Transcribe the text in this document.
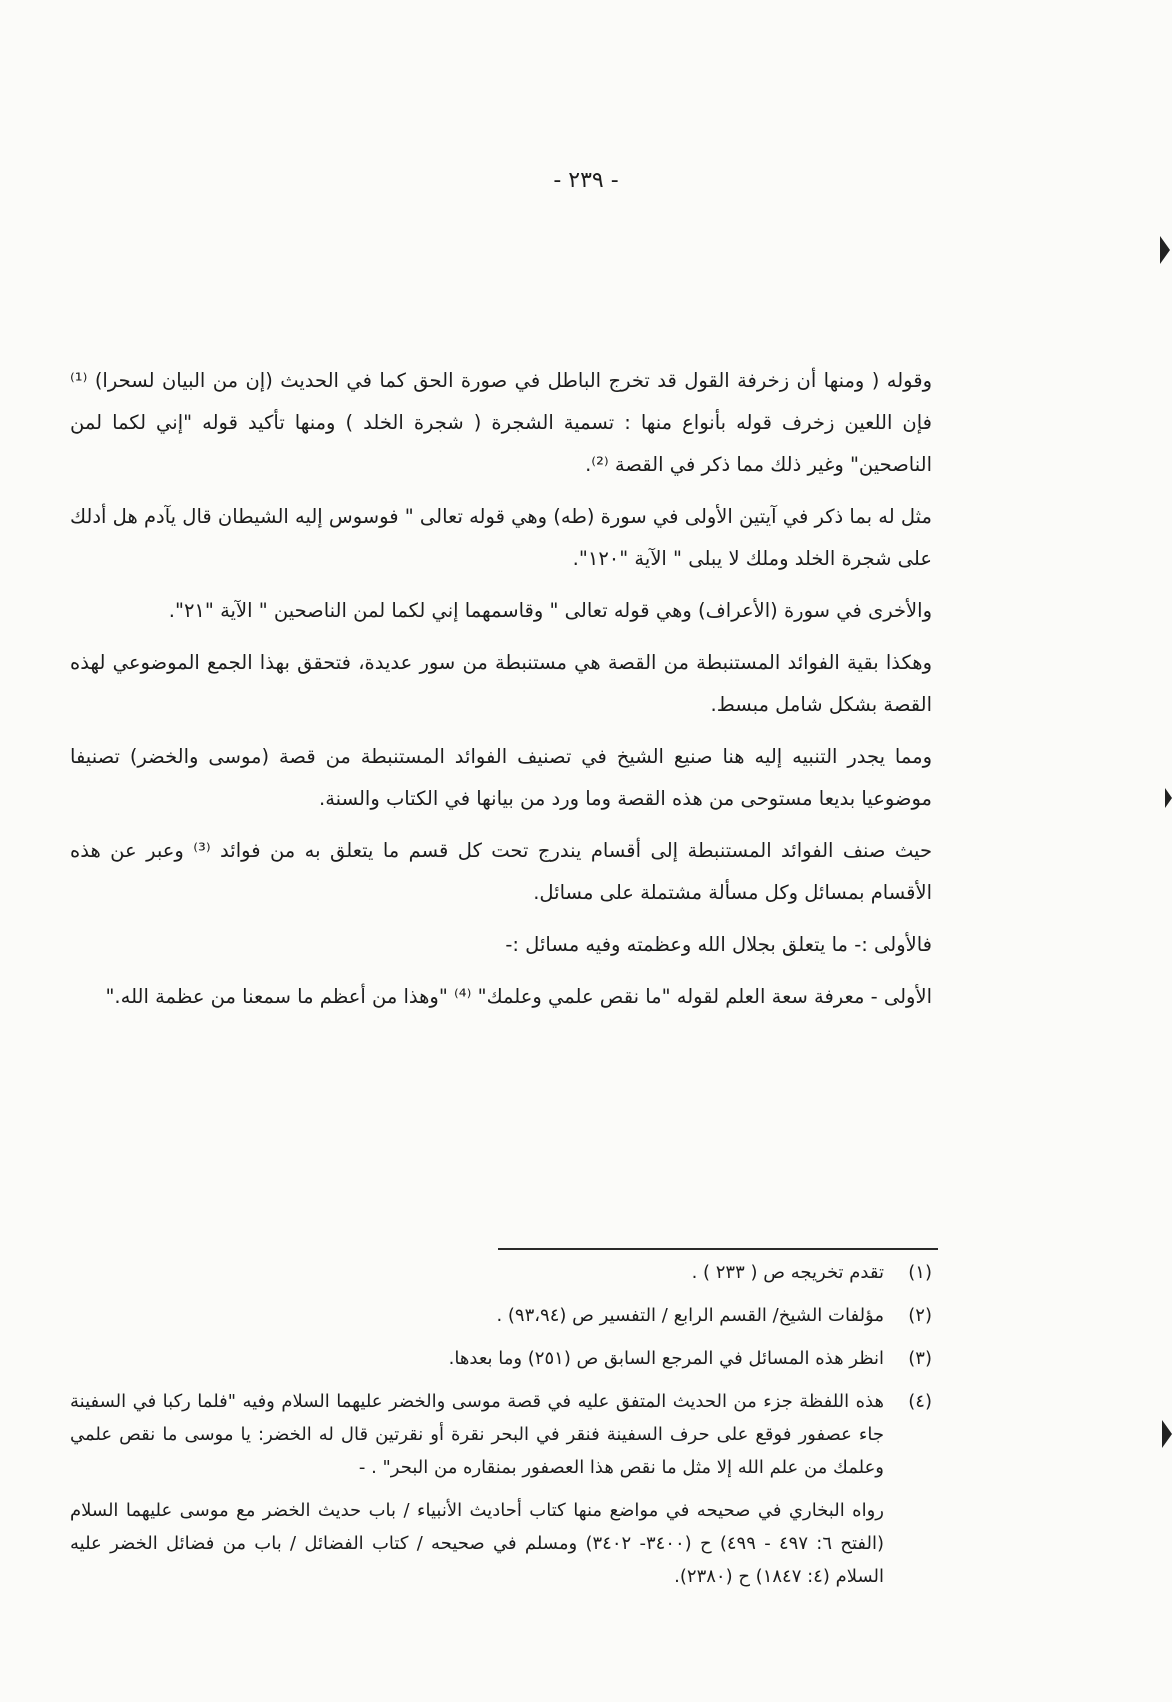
- ٢٣٩ -

وقوله ( ومنها أن زخرفة القول قد تخرج الباطل في صورة الحق كما في الحديث (إن من البيان لسحرا) ⁽¹⁾ فإن اللعين زخرف قوله بأنواع منها : تسمية الشجرة ( شجرة الخلد ) ومنها تأكيد قوله "إني لكما لمن الناصحين" وغير ذلك مما ذكر في القصة ⁽²⁾.

مثل له بما ذكر في آيتين الأولى في سورة (طه) وهي قوله تعالى " فوسوس إليه الشيطان قال يآدم هل أدلك على شجرة الخلد وملك لا يبلى " الآية "١٢٠".

والأخرى في سورة (الأعراف) وهي قوله تعالى " وقاسمهما إني لكما لمن الناصحين " الآية "٢١".

وهكذا بقية الفوائد المستنبطة من القصة هي مستنبطة من سور عديدة، فتحقق بهذا الجمع الموضوعي لهذه القصة بشكل شامل مبسط.

ومما يجدر التنبيه إليه هنا صنيع الشيخ في تصنيف الفوائد المستنبطة من قصة (موسى والخضر) تصنيفا موضوعيا بديعا مستوحى من هذه القصة وما ورد من بيانها في الكتاب والسنة.

حيث صنف الفوائد المستنبطة إلى أقسام يندرج تحت كل قسم ما يتعلق به من فوائد ⁽³⁾ وعبر عن هذه الأقسام بمسائل وكل مسألة مشتملة على مسائل.

فالأولى :- ما يتعلق بجلال الله وعظمته وفيه مسائل :-

الأولى - معرفة سعة العلم لقوله "ما نقص علمي وعلمك" ⁽⁴⁾ "وهذا من أعظم ما سمعنا من عظمة الله."

(١)

تقدم تخريجه ص ( ٢٣٣ ) .

(٢)

مؤلفات الشيخ/ القسم الرابع / التفسير ص (٩٣،٩٤) .

(٣)

انظر هذه المسائل في المرجع السابق ص (٢٥١) وما بعدها.

(٤)

هذه اللفظة جزء من الحديث المتفق عليه في قصة موسى والخضر عليهما السلام وفيه "فلما ركبا في السفينة جاء عصفور فوقع على حرف السفينة فنقر في البحر نقرة أو نقرتين قال له الخضر: يا موسى ما نقص علمي وعلمك من علم الله إلا مثل ما نقص هذا العصفور بمنقاره من البحر" . -

رواه البخاري في صحيحه في مواضع منها كتاب أحاديث الأنبياء / باب حديث الخضر مع موسى عليهما السلام (الفتح ٦: ٤٩٧ - ٤٩٩) ح (٣٤٠٠- ٣٤٠٢) ومسلم في صحيحه / كتاب الفضائل / باب من فضائل الخضر عليه السلام (٤: ١٨٤٧) ح (٢٣٨٠).
